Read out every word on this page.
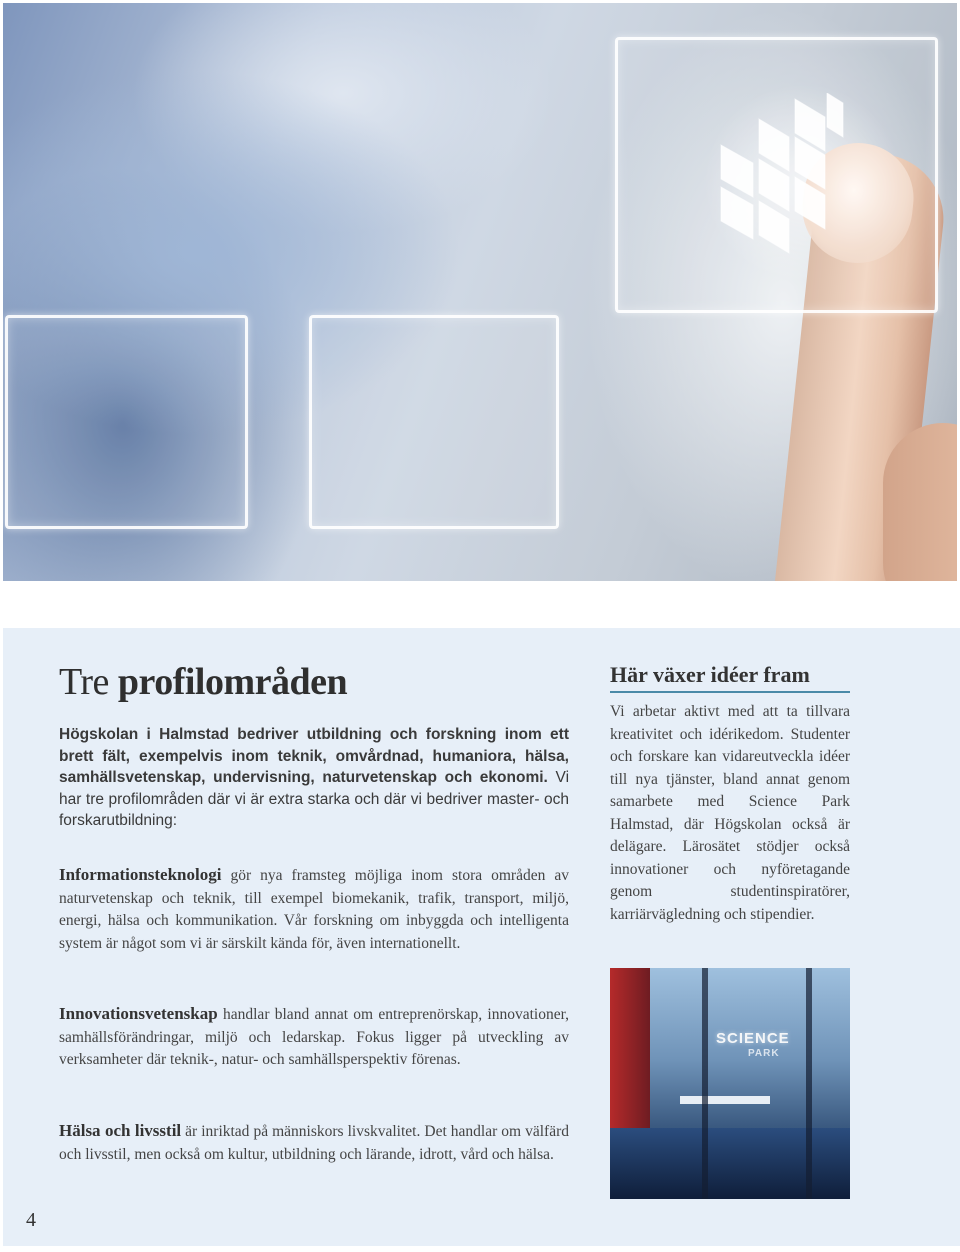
Tre profilområden

Högskolan i Halmstad bedriver utbildning och forskning inom ett brett fält, exempelvis inom teknik, omvårdnad, humaniora, hälsa, samhällsvetenskap, undervisning, naturvetenskap och ekonomi. Vi har tre profilområden där vi är extra starka och där vi bedriver master- och forskarutbildning:

Informationsteknologi gör nya framsteg möjliga inom stora områden av naturvetenskap och teknik, till exempel biomekanik, trafik, transport, miljö, energi, hälsa och kommunikation. Vår forskning om inbyggda och intelligenta system är något som vi är särskilt kända för, även internationellt.

Innovationsvetenskap handlar bland annat om entreprenörskap, innovationer, samhällsförändringar, miljö och ledarskap. Fokus ligger på utveckling av verksamheter där teknik-, natur- och samhällsperspektiv förenas.

Hälsa och livsstil är inriktad på människors livskvalitet. Det handlar om välfärd och livsstil, men också om kultur, utbildning och lärande, idrott, vård och hälsa.

Här växer idéer fram

Vi arbetar aktivt med att ta tillvara kreativitet och idérikedom. Studenter och forskare kan vidareutveckla idéer till nya tjänster, bland annat genom samarbete med Science Park Halmstad, där Högskolan också är delägare. Lärosätet stödjer också innovationer och nyföretagande genom studentinspiratörer, karriärvägledning och stipendier.

SCIENCE
PARK
4
